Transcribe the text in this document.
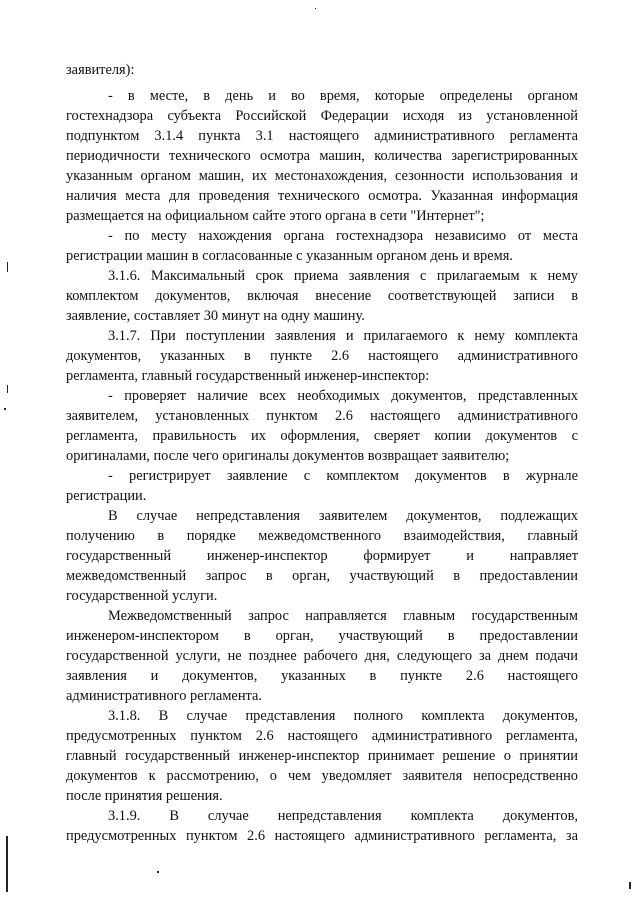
заявителя):
- в месте, в день и во время, которые определены органом
гостехнадзора субъекта Российской Федерации исходя из установленной
подпунктом 3.1.4 пункта 3.1 настоящего административного регламента
периодичности технического осмотра машин, количества зарегистрированных
указанным органом машин, их местонахождения, сезонности использования и
наличия места для проведения технического осмотра. Указанная информация
размещается на официальном сайте этого органа в сети "Интернет";
- по месту нахождения органа гостехнадзора независимо от места
регистрации машин в согласованные с указанным органом день и время.
3.1.6. Максимальный срок приема заявления с прилагаемым к нему
комплектом документов, включая внесение соответствующей записи в
заявление, составляет 30 минут на одну машину.
3.1.7. При поступлении заявления и прилагаемого к нему комплекта
документов, указанных в пункте 2.6 настоящего административного
регламента, главный государственный инженер-инспектор:
- проверяет наличие всех необходимых документов, представленных
заявителем, установленных пунктом 2.6 настоящего административного
регламента, правильность их оформления, сверяет копии документов с
оригиналами, после чего оригиналы документов возвращает заявителю;
- регистрирует заявление с комплектом документов в журнале
регистрации.
В случае непредставления заявителем документов, подлежащих
получению в порядке межведомственного взаимодействия, главный
государственный инженер-инспектор формирует и направляет
межведомственный запрос в орган, участвующий в предоставлении
государственной услуги.
Межведомственный запрос направляется главным государственным
инженером-инспектором в орган, участвующий в предоставлении
государственной услуги, не позднее рабочего дня, следующего за днем подачи
заявления и документов, указанных в пункте 2.6 настоящего
административного регламента.
3.1.8. В случае представления полного комплекта документов,
предусмотренных пунктом 2.6 настоящего административного регламента,
главный государственный инженер-инспектор принимает решение о принятии
документов к рассмотрению, о чем уведомляет заявителя непосредственно
после принятия решения.
3.1.9. В случае непредставления комплекта документов,
предусмотренных пунктом 2.6 настоящего административного регламента, за
